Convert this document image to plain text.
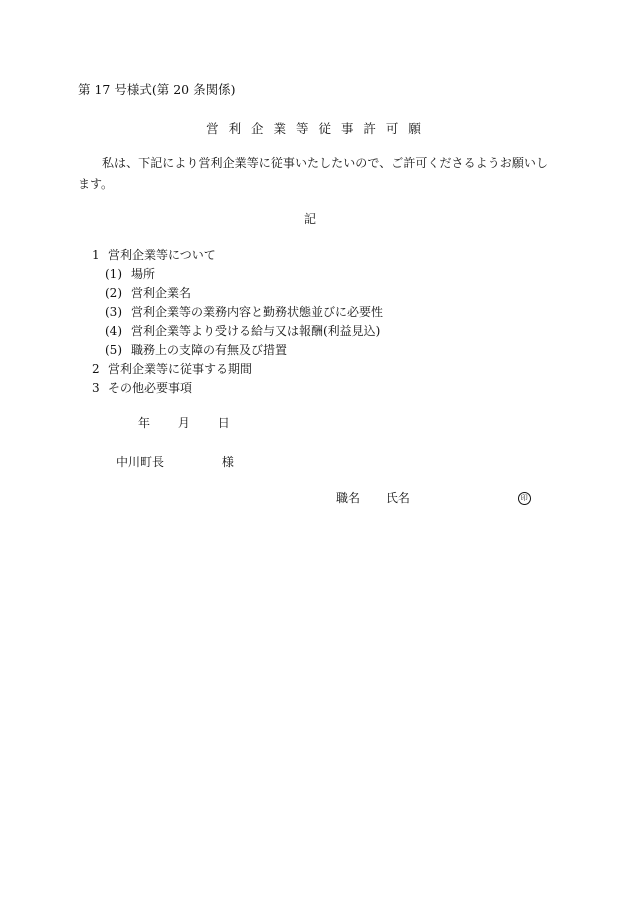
第 17 号様式(第 20 条関係)
営 利 企 業 等 従 事 許 可 願
私は、下記により営利企業等に従事いたしたいので、ご許可くださるようお願いします。
記
1 営利企業等について
(1) 場所
(2) 営利企業名
(3) 営利企業等の業務内容と勤務状態並びに必要性
(4) 営利企業等より受ける給与又は報酬(利益見込)
(5) 職務上の支障の有無及び措置
2 営利企業等に従事する期間
3 その他必要事項
年 月 日
中川町長	様
職名 氏名	印
